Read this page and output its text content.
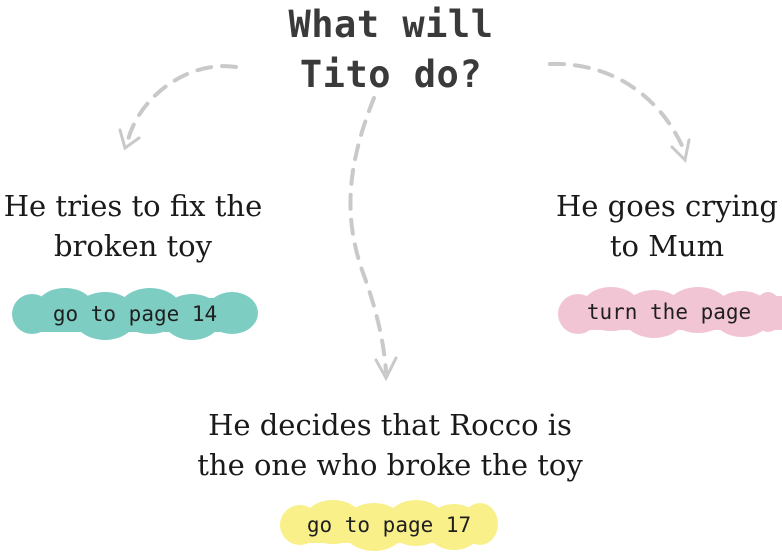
What will
Tito do?
He tries to fix the
broken toy
go to page 14
He goes crying
to Mum
turn the page
He decides that Rocco is
the one who broke the toy
go to page 17
